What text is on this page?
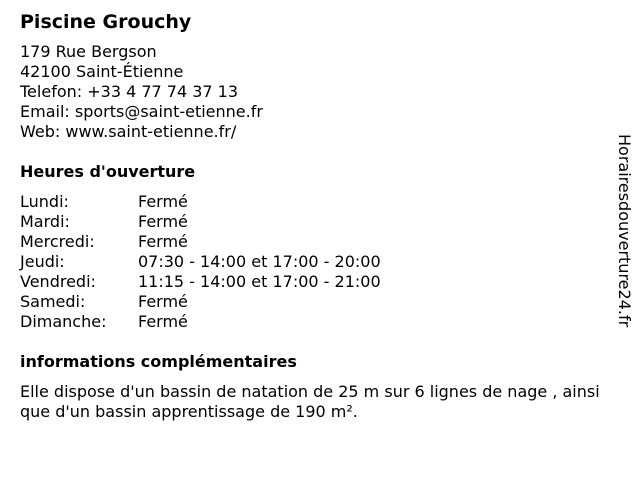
Piscine Grouchy

179 Rue Bergson

42100 Saint-Étienne

Telefon: +33 4 77 74 37 13

Email: sports@saint-etienne.fr

Web: www.saint-etienne.fr/

Heures d'ouverture
Lundi:	Fermé
Mardi:	Fermé
Mercredi:	Fermé
Jeudi:	07:30 - 14:00 et 17:00 - 20:00
Vendredi:	11:15 - 14:00 et 17:00 - 21:00
Samedi:	Fermé
Dimanche:	Fermé
informations complémentaires

Elle dispose d'un bassin de natation de 25 m sur 6 lignes de nage , ainsi que d'un bassin apprentissage de 190 m².

Horairesdouverture24.fr
